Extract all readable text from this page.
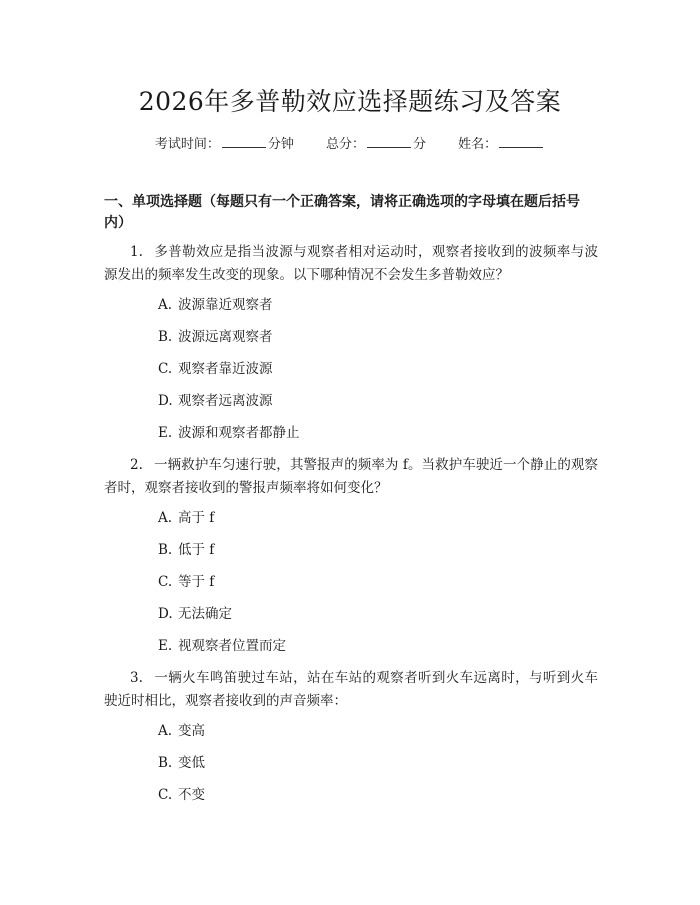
2026年多普勒效应选择题练习及答案
考试时间：	分钟 总分：	分 姓名：
一、单项选择题（每题只有一个正确答案，请将正确选项的字母填在题后括号内）
1. 多普勒效应是指当波源与观察者相对运动时，观察者接收到的波频率与波源发出的频率发生改变的现象。以下哪种情况不会发生多普勒效应？
A. 波源靠近观察者
B. 波源远离观察者
C. 观察者靠近波源
D. 观察者远离波源
E. 波源和观察者都静止
2. 一辆救护车匀速行驶，其警报声的频率为 f。当救护车驶近一个静止的观察者时，观察者接收到的警报声频率将如何变化？
A. 高于 f
B. 低于 f
C. 等于 f
D. 无法确定
E. 视观察者位置而定
3. 一辆火车鸣笛驶过车站，站在车站的观察者听到火车远离时，与听到火车驶近时相比，观察者接收到的声音频率：
A. 变高
B. 变低
C. 不变
